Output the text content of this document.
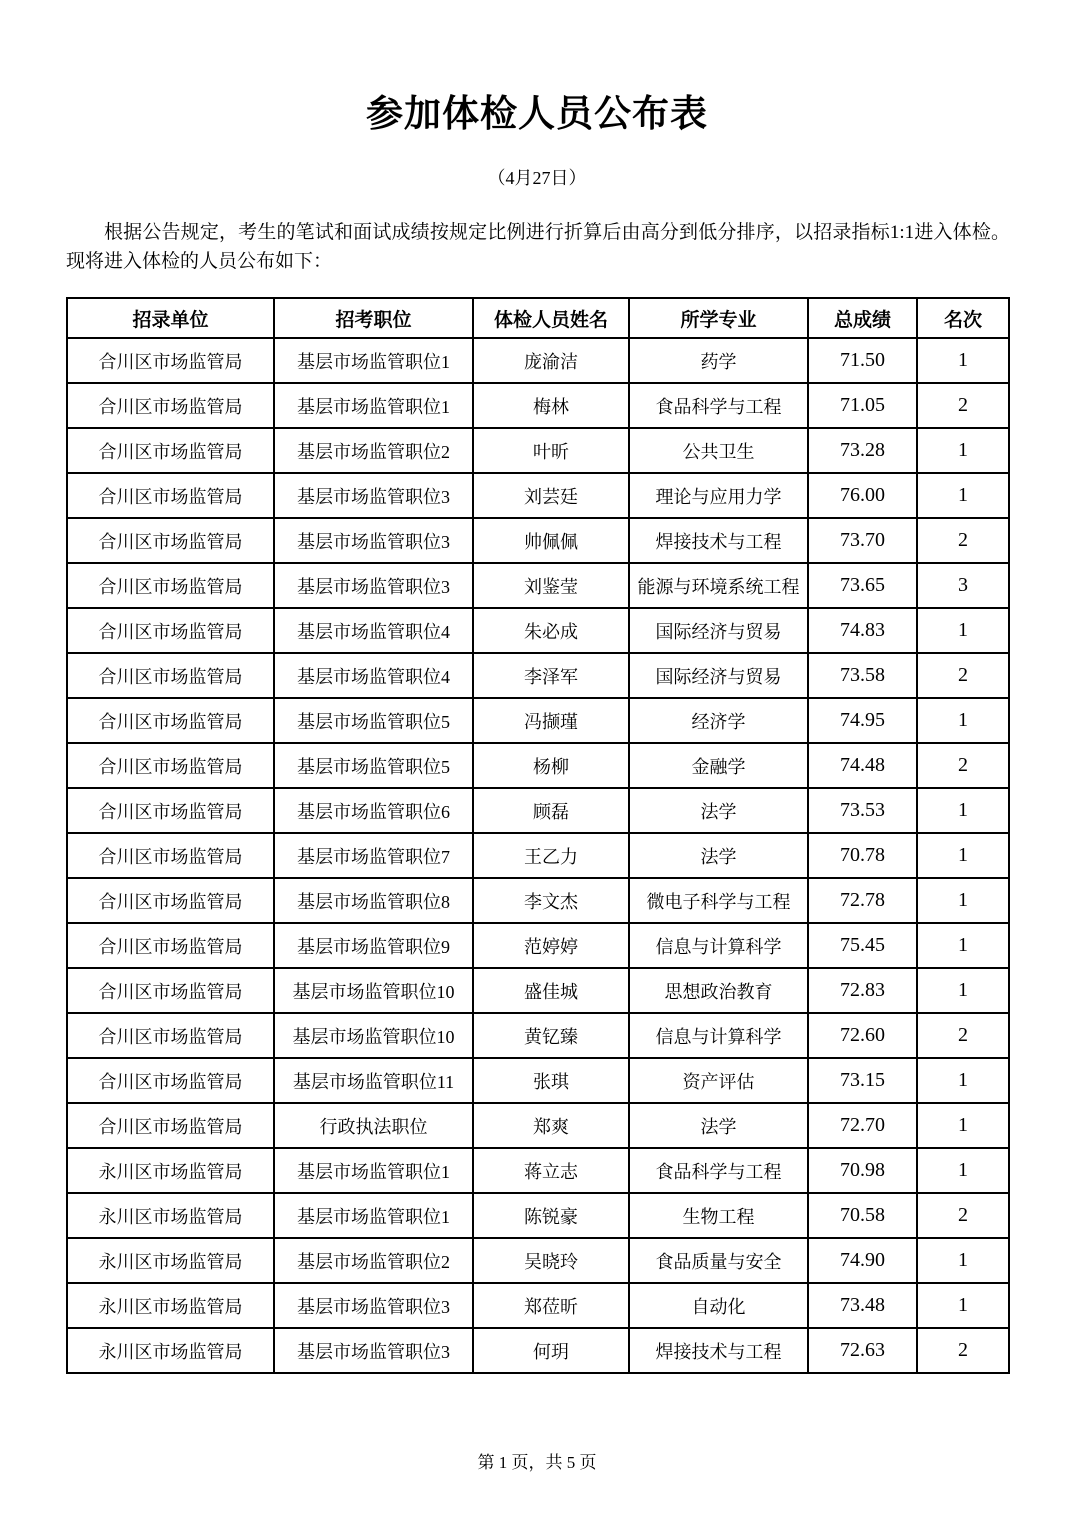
参加体检人员公布表
（4月27日）

根据公告规定，考生的笔试和面试成绩按规定比例进行折算后由高分到低分排序，以招录指标1:1进入体检。现将进入体检的人员公布如下：

招录单位	招考职位	体检人员姓名	所学专业	总成绩	名次
合川区市场监管局	基层市场监管职位1	庞渝洁	药学	71.50	1
合川区市场监管局	基层市场监管职位1	梅林	食品科学与工程	71.05	2
合川区市场监管局	基层市场监管职位2	叶昕	公共卫生	73.28	1
合川区市场监管局	基层市场监管职位3	刘芸廷	理论与应用力学	76.00	1
合川区市场监管局	基层市场监管职位3	帅佩佩	焊接技术与工程	73.70	2
合川区市场监管局	基层市场监管职位3	刘鉴莹	能源与环境系统工程	73.65	3
合川区市场监管局	基层市场监管职位4	朱必成	国际经济与贸易	74.83	1
合川区市场监管局	基层市场监管职位4	李泽军	国际经济与贸易	73.58	2
合川区市场监管局	基层市场监管职位5	冯撷瑾	经济学	74.95	1
合川区市场监管局	基层市场监管职位5	杨柳	金融学	74.48	2
合川区市场监管局	基层市场监管职位6	顾磊	法学	73.53	1
合川区市场监管局	基层市场监管职位7	王乙力	法学	70.78	1
合川区市场监管局	基层市场监管职位8	李文杰	微电子科学与工程	72.78	1
合川区市场监管局	基层市场监管职位9	范婷婷	信息与计算科学	75.45	1
合川区市场监管局	基层市场监管职位10	盛佳城	思想政治教育	72.83	1
合川区市场监管局	基层市场监管职位10	黄钇臻	信息与计算科学	72.60	2
合川区市场监管局	基层市场监管职位11	张琪	资产评估	73.15	1
合川区市场监管局	行政执法职位	郑爽	法学	72.70	1
永川区市场监管局	基层市场监管职位1	蒋立志	食品科学与工程	70.98	1
永川区市场监管局	基层市场监管职位1	陈锐豪	生物工程	70.58	2
永川区市场监管局	基层市场监管职位2	吴晓玲	食品质量与安全	74.90	1
永川区市场监管局	基层市场监管职位3	郑莅昕	自动化	73.48	1
永川区市场监管局	基层市场监管职位3	何玥	焊接技术与工程	72.63	2
第 1 页，共 5 页
